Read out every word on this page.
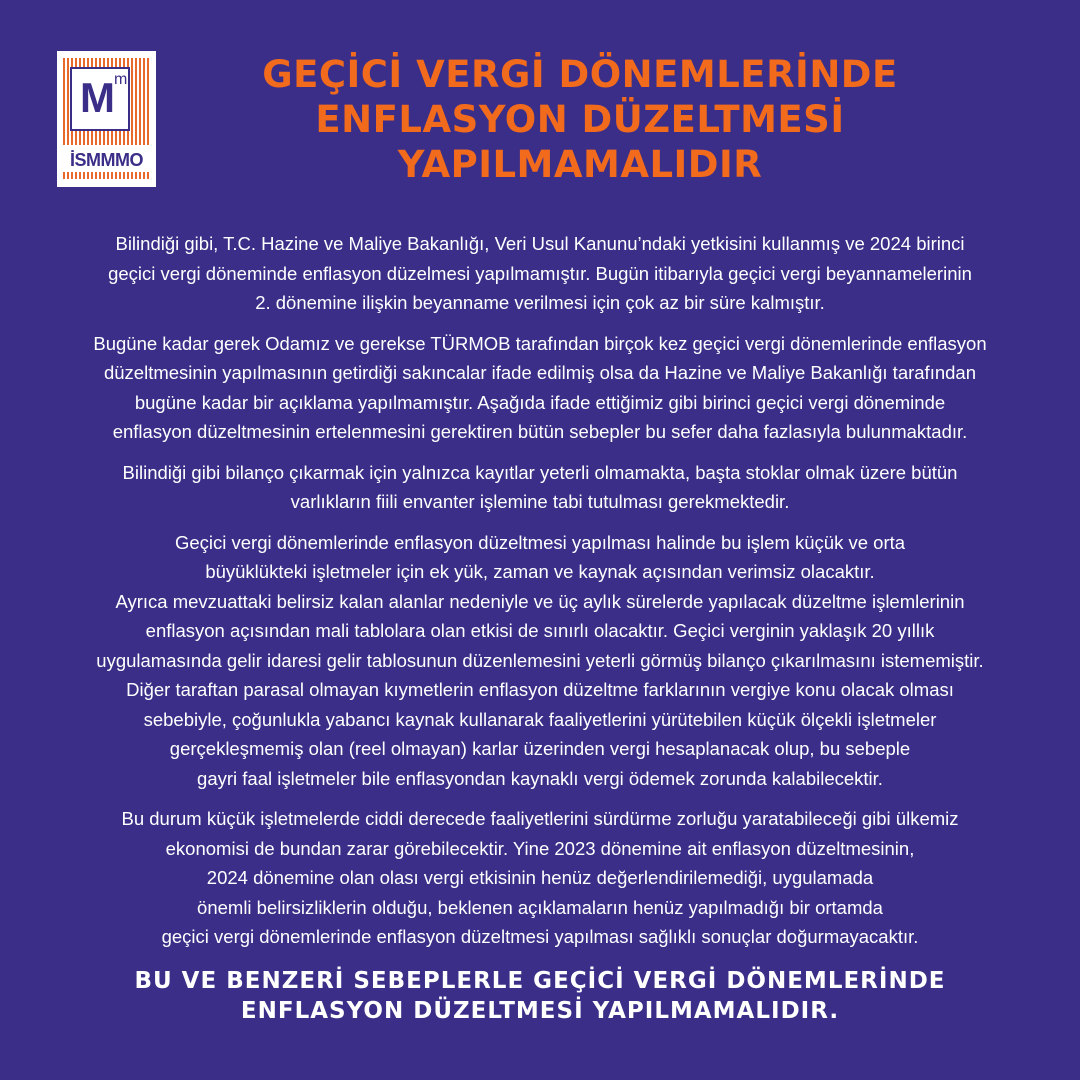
M m
İSMMMO
GEÇİCİ VERGİ DÖNEMLERİNDE
ENFLASYON DÜZELTMESİ
YAPILMAMALIDIR

Bilindiği gibi, T.C. Hazine ve Maliye Bakanlığı, Veri Usul Kanunu’ndaki yetkisini kullanmış ve 2024 birinci
geçici vergi döneminde enflasyon düzelmesi yapılmamıştır. Bugün itibarıyla geçici vergi beyannamelerinin
2. dönemine ilişkin beyanname verilmesi için çok az bir süre kalmıştır.

Bugüne kadar gerek Odamız ve gerekse TÜRMOB tarafından birçok kez geçici vergi dönemlerinde enflasyon
düzeltmesinin yapılmasının getirdiği sakıncalar ifade edilmiş olsa da Hazine ve Maliye Bakanlığı tarafından
bugüne kadar bir açıklama yapılmamıştır. Aşağıda ifade ettiğimiz gibi birinci geçici vergi döneminde
enflasyon düzeltmesinin ertelenmesini gerektiren bütün sebepler bu sefer daha fazlasıyla bulunmaktadır.

Bilindiği gibi bilanço çıkarmak için yalnızca kayıtlar yeterli olmamakta, başta stoklar olmak üzere bütün
varlıkların fiili envanter işlemine tabi tutulması gerekmektedir.

Geçici vergi dönemlerinde enflasyon düzeltmesi yapılması halinde bu işlem küçük ve orta
büyüklükteki işletmeler için ek yük, zaman ve kaynak açısından verimsiz olacaktır.
Ayrıca mevzuattaki belirsiz kalan alanlar nedeniyle ve üç aylık sürelerde yapılacak düzeltme işlemlerinin
enflasyon açısından mali tablolara olan etkisi de sınırlı olacaktır. Geçici verginin yaklaşık 20 yıllık
uygulamasında gelir idaresi gelir tablosunun düzenlemesini yeterli görmüş bilanço çıkarılmasını istememiştir.
Diğer taraftan parasal olmayan kıymetlerin enflasyon düzeltme farklarının vergiye konu olacak olması
sebebiyle, çoğunlukla yabancı kaynak kullanarak faaliyetlerini yürütebilen küçük ölçekli işletmeler
gerçekleşmemiş olan (reel olmayan) karlar üzerinden vergi hesaplanacak olup, bu sebeple
gayri faal işletmeler bile enflasyondan kaynaklı vergi ödemek zorunda kalabilecektir.

Bu durum küçük işletmelerde ciddi derecede faaliyetlerini sürdürme zorluğu yaratabileceği gibi ülkemiz
ekonomisi de bundan zarar görebilecektir. Yine 2023 dönemine ait enflasyon düzeltmesinin,
2024 dönemine olan olası vergi etkisinin henüz değerlendirilemediği, uygulamada
önemli belirsizliklerin olduğu, beklenen açıklamaların henüz yapılmadığı bir ortamda
geçici vergi dönemlerinde enflasyon düzeltmesi yapılması sağlıklı sonuçlar doğurmayacaktır.

BU VE BENZERİ SEBEPLERLE GEÇİCİ VERGİ DÖNEMLERİNDE
ENFLASYON DÜZELTMESİ YAPILMAMALIDIR.
